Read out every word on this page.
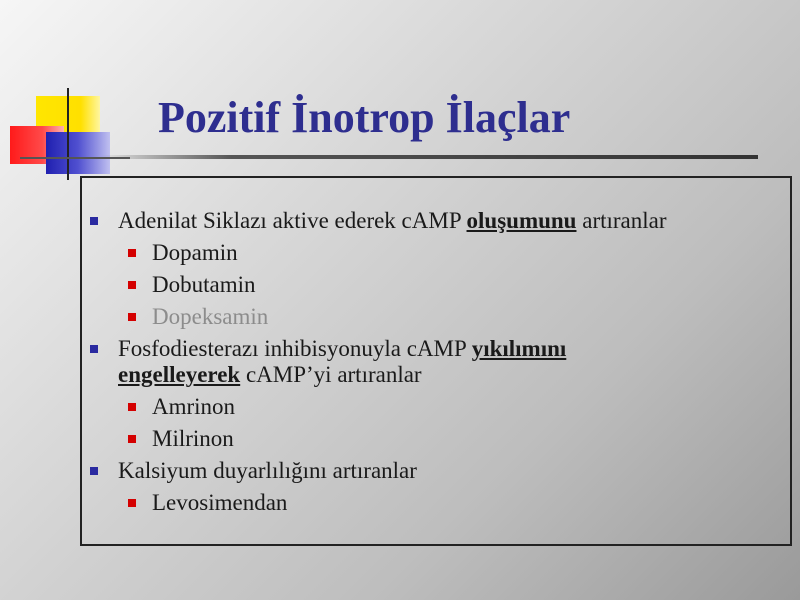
Pozitif İnotrop İlaçlar
Adenilat Siklazı aktive ederek cAMP oluşumunu artıranlar
Dopamin
Dobutamin
Dopeksamin
Fosfodiesterazı inhibisyonuyla cAMP yıkılımını
engelleyerek cAMP’yi artıranlar
Amrinon
Milrinon
Kalsiyum duyarlılığını artıranlar
Levosimendan
